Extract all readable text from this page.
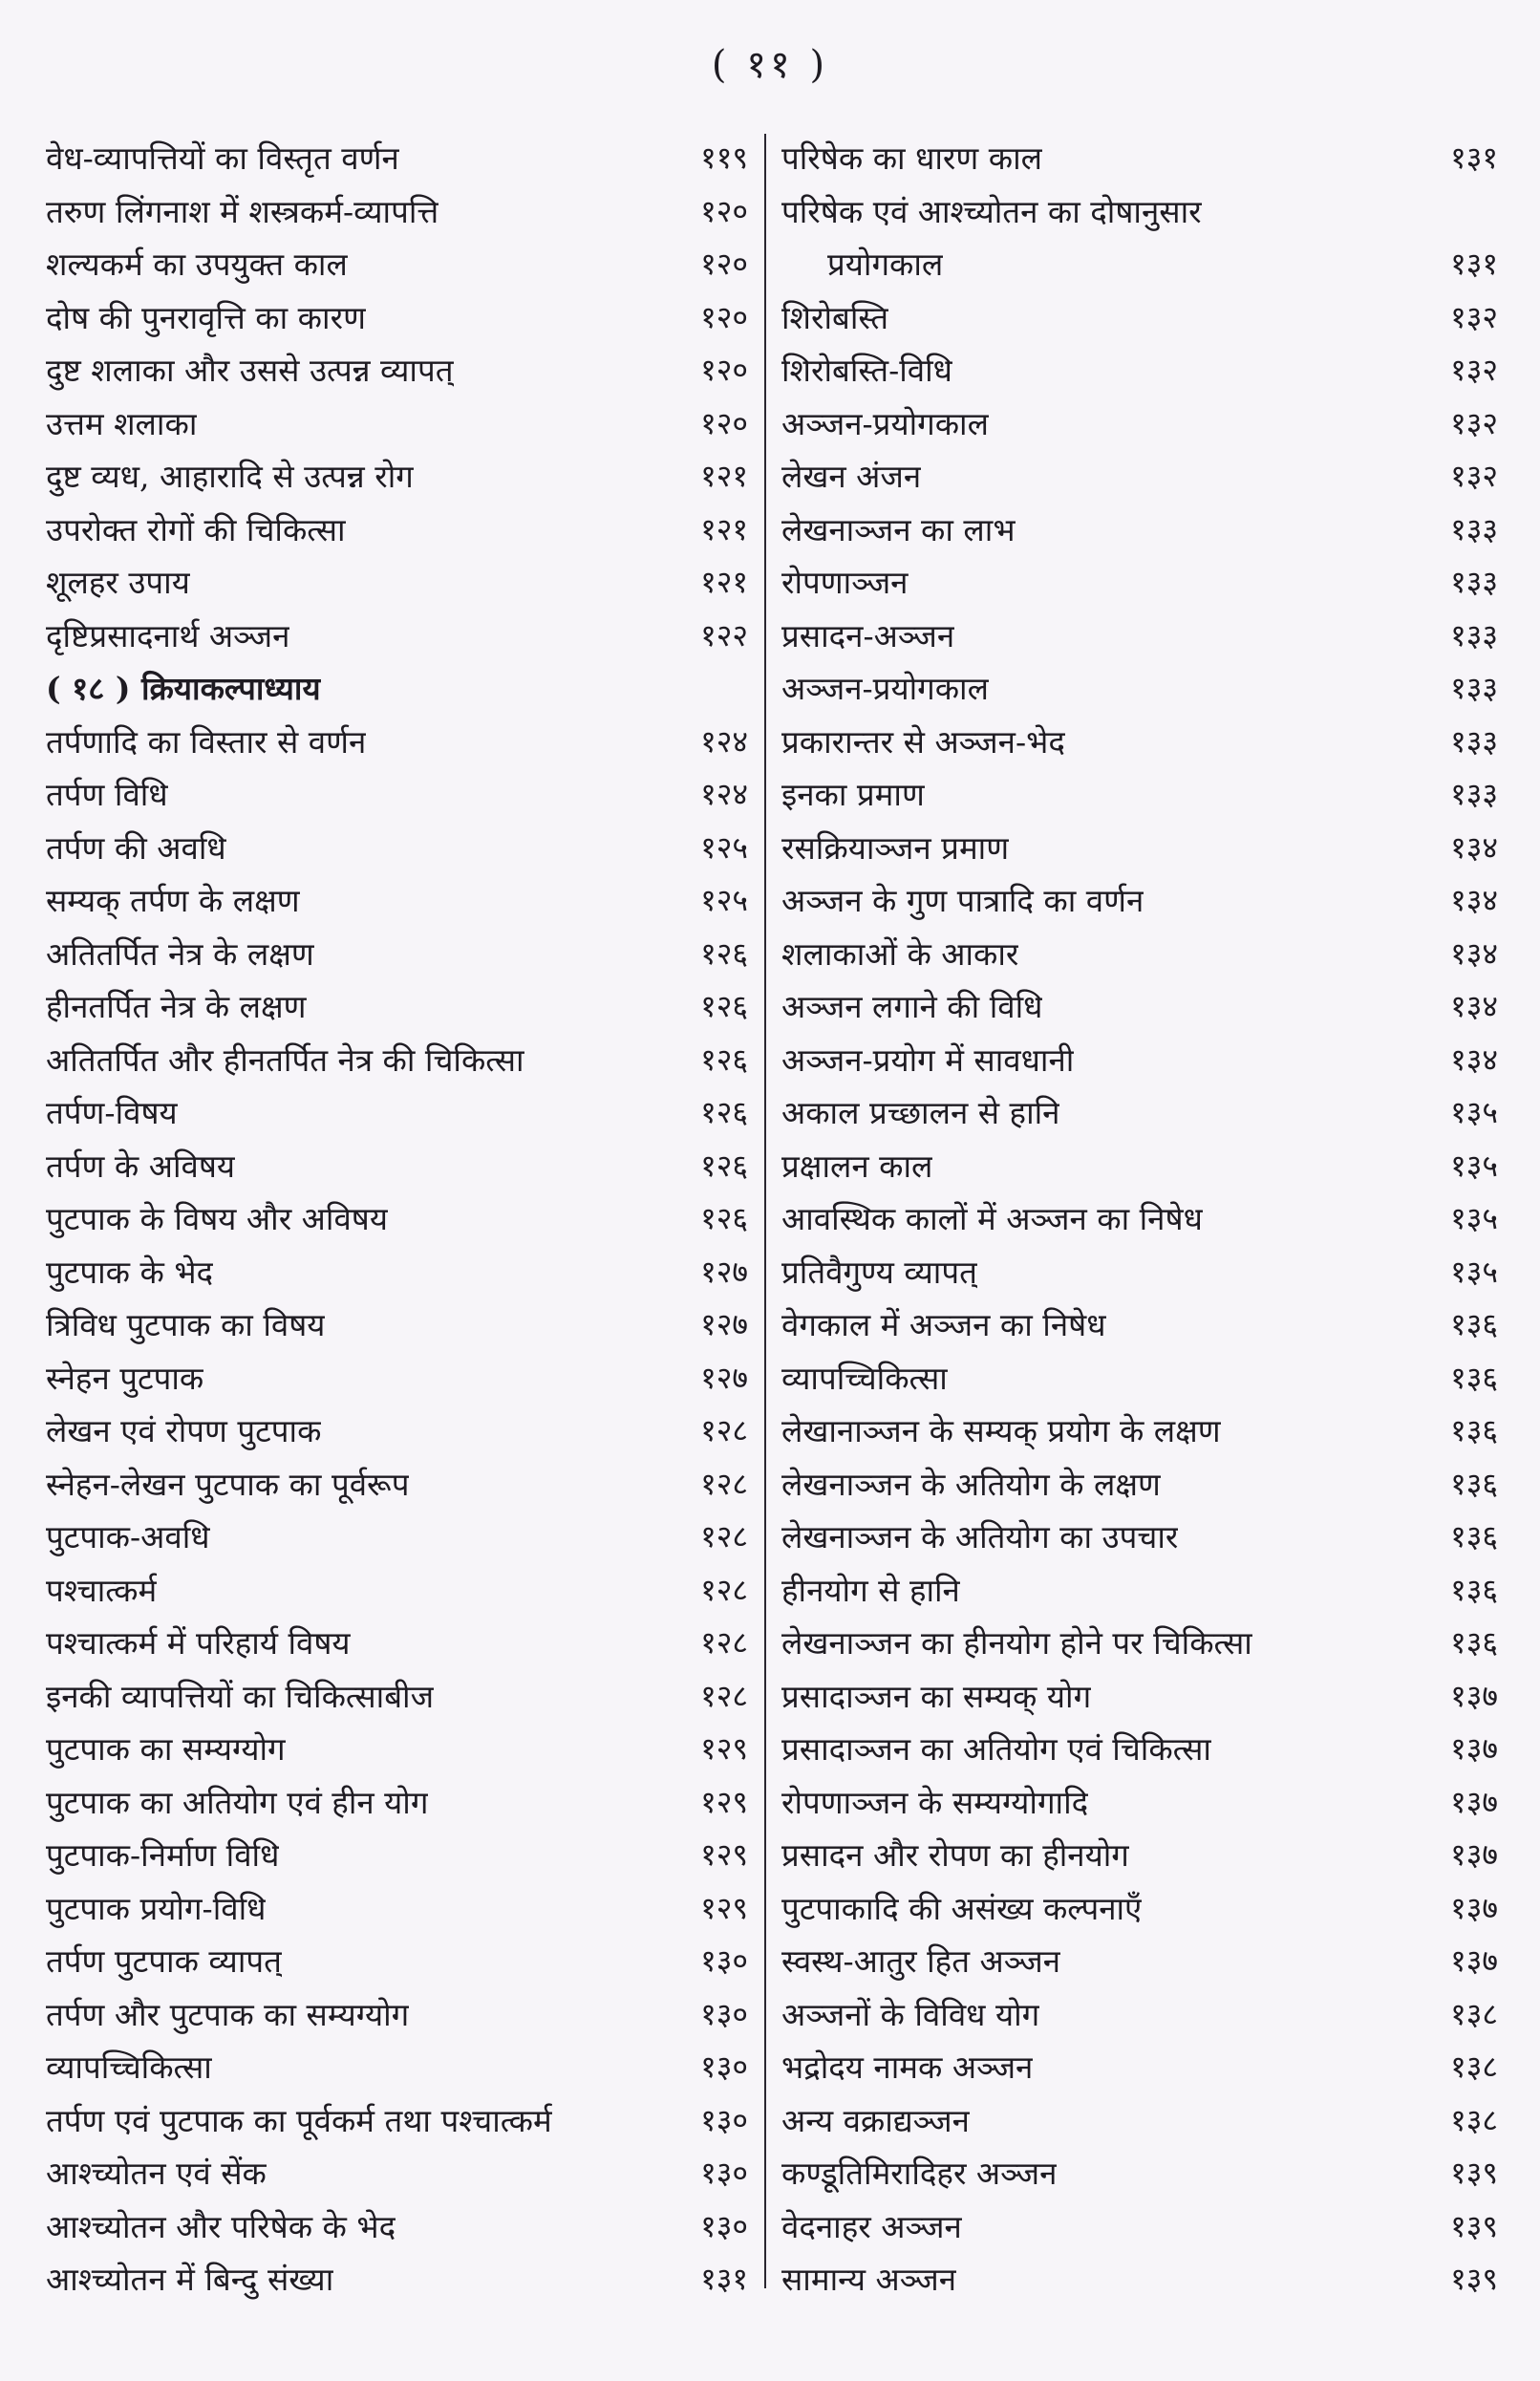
( ११ )
वेध-व्यापत्तियों का विस्तृत वर्णन	११९
तरुण लिंगनाश में शस्त्रकर्म-व्यापत्ति	१२०
शल्यकर्म का उपयुक्त काल	१२०
दोष की पुनरावृत्ति का कारण	१२०
दुष्ट शलाका और उससे उत्पन्न व्यापत्	१२०
उत्तम शलाका	१२०
दुष्ट व्यध, आहारादि से उत्पन्न रोग	१२१
उपरोक्त रोगों की चिकित्सा	१२१
शूलहर उपाय	१२१
दृष्टिप्रसादनार्थ अञ्जन	१२२
( १८ ) क्रियाकल्पाध्याय
तर्पणादि का विस्तार से वर्णन	१२४
तर्पण विधि	१२४
तर्पण की अवधि	१२५
सम्यक् तर्पण के लक्षण	१२५
अतितर्पित नेत्र के लक्षण	१२६
हीनतर्पित नेत्र के लक्षण	१२६
अतितर्पित और हीनतर्पित नेत्र की चिकित्सा	१२६
तर्पण-विषय	१२६
तर्पण के अविषय	१२६
पुटपाक के विषय और अविषय	१२६
पुटपाक के भेद	१२७
त्रिविध पुटपाक का विषय	१२७
स्नेहन पुटपाक	१२७
लेखन एवं रोपण पुटपाक	१२८
स्नेहन-लेखन पुटपाक का पूर्वरूप	१२८
पुटपाक-अवधि	१२८
पश्चात्कर्म	१२८
पश्चात्कर्म में परिहार्य विषय	१२८
इनकी व्यापत्तियों का चिकित्साबीज	१२८
पुटपाक का सम्यग्योग	१२९
पुटपाक का अतियोग एवं हीन योग	१२९
पुटपाक-निर्माण विधि	१२९
पुटपाक प्रयोग-विधि	१२९
तर्पण पुटपाक व्यापत्	१३०
तर्पण और पुटपाक का सम्यग्योग	१३०
व्यापच्चिकित्सा	१३०
तर्पण एवं पुटपाक का पूर्वकर्म तथा पश्चात्कर्म	१३०
आश्च्योतन एवं सेंक	१३०
आश्च्योतन और परिषेक के भेद	१३०
आश्च्योतन में बिन्दु संख्या	१३१
परिषेक का धारण काल	१३१
परिषेक एवं आश्च्योतन का दोषानुसार
प्रयोगकाल	१३१
शिरोबस्ति	१३२
शिरोबस्ति-विधि	१३२
अञ्जन-प्रयोगकाल	१३२
लेखन अंजन	१३२
लेखनाञ्जन का लाभ	१३३
रोपणाञ्जन	१३३
प्रसादन-अञ्जन	१३३
अञ्जन-प्रयोगकाल	१३३
प्रकारान्तर से अञ्जन-भेद	१३३
इनका प्रमाण	१३३
रसक्रियाञ्जन प्रमाण	१३४
अञ्जन के गुण पात्रादि का वर्णन	१३४
शलाकाओं के आकार	१३४
अञ्जन लगाने की विधि	१३४
अञ्जन-प्रयोग में सावधानी	१३४
अकाल प्रच्छालन से हानि	१३५
प्रक्षालन काल	१३५
आवस्थिक कालों में अञ्जन का निषेध	१३५
प्रतिवैगुण्य व्यापत्	१३५
वेगकाल में अञ्जन का निषेध	१३६
व्यापच्चिकित्सा	१३६
लेखानाञ्जन के सम्यक् प्रयोग के लक्षण	१३६
लेखनाञ्जन के अतियोग के लक्षण	१३६
लेखनाञ्जन के अतियोग का उपचार	१३६
हीनयोग से हानि	१३६
लेखनाञ्जन का हीनयोग होने पर चिकित्सा	१३६
प्रसादाञ्जन का सम्यक् योग	१३७
प्रसादाञ्जन का अतियोग एवं चिकित्सा	१३७
रोपणाञ्जन के सम्यग्योगादि	१३७
प्रसादन और रोपण का हीनयोग	१३७
पुटपाकादि की असंख्य कल्पनाएँ	१३७
स्वस्थ-आतुर हित अञ्जन	१३७
अञ्जनों के विविध योग	१३८
भद्रोदय नामक अञ्जन	१३८
अन्य वक्राद्यञ्जन	१३८
कण्डूतिमिरादिहर अञ्जन	१३९
वेदनाहर अञ्जन	१३९
सामान्य अञ्जन	१३९
